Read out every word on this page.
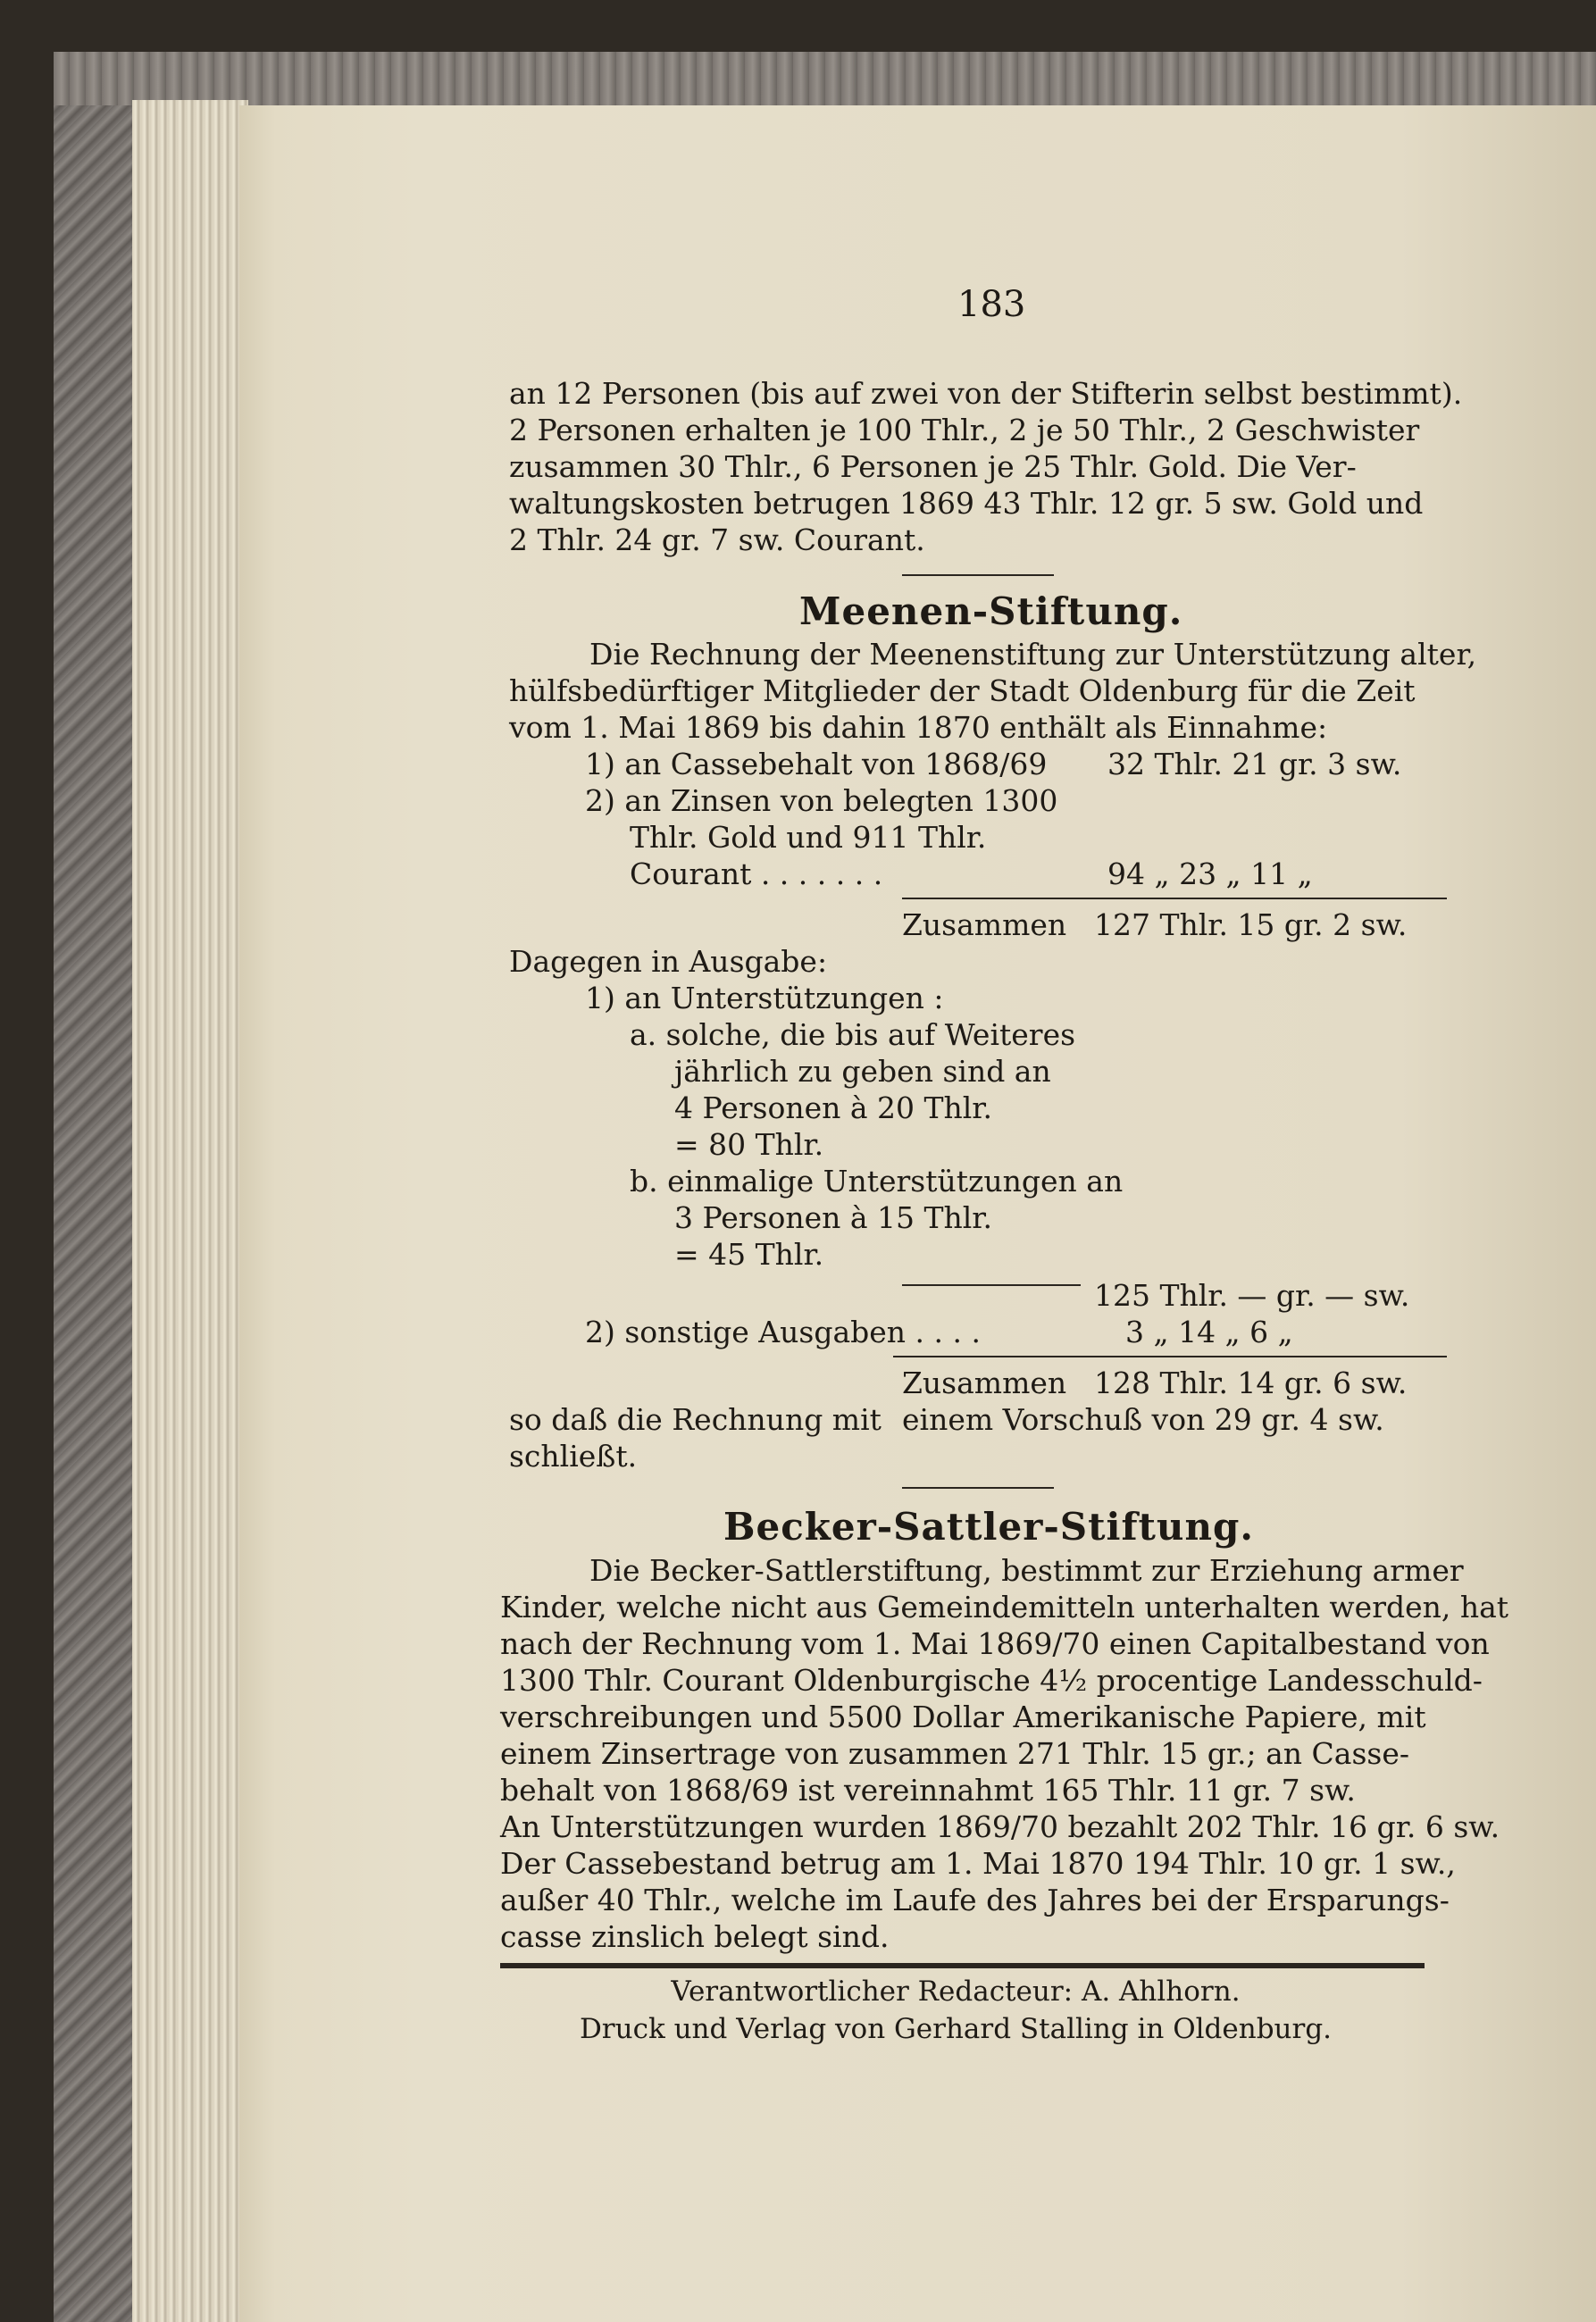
183
an 12 Personen (bis auf zwei von der Stifterin selbst bestimmt).
2 Personen erhalten je 100 Thlr., 2 je 50 Thlr., 2 Geschwister
zusammen 30 Thlr., 6 Personen je 25 Thlr. Gold. Die Ver-
waltungskosten betrugen 1869 43 Thlr. 12 gr. 5 sw. Gold und
2 Thlr. 24 gr. 7 sw. Courant.
Meenen-Stiftung.
Die Rechnung der Meenenstiftung zur Unterstützung alter,
hülfsbedürftiger Mitglieder der Stadt Oldenburg für die Zeit
vom 1. Mai 1869 bis dahin 1870 enthält als Einnahme:
1) an Cassebehalt von 1868/69 32 Thlr. 21 gr. 3 sw.
2) an Zinsen von belegten 1300
Thlr. Gold und 911 Thlr.
Courant . . . . . . .	94 „ 23 „ 11 „
Zusammen 127 Thlr. 15 gr. 2 sw.
Dagegen in Ausgabe:
1) an Unterstützungen :
a. solche, die bis auf Weiteres
jährlich zu geben sind an
4 Personen à 20 Thlr.
= 80 Thlr.
b. einmalige Unterstützungen an
3 Personen à 15 Thlr.
= 45 Thlr.
125 Thlr. — gr. — sw.
2) sonstige Ausgaben . . . .	3 „ 14 „ 6 „
Zusammen 128 Thlr. 14 gr. 6 sw.
so daß die Rechnung mit einem Vorschuß von 29 gr. 4 sw.
schließt.
Becker-Sattler-Stiftung.
Die Becker-Sattlerstiftung, bestimmt zur Erziehung armer
Kinder, welche nicht aus Gemeindemitteln unterhalten werden, hat
nach der Rechnung vom 1. Mai 1869/70 einen Capitalbestand von
1300 Thlr. Courant Oldenburgische 4½ procentige Landesschuld-
verschreibungen und 5500 Dollar Amerikanische Papiere, mit
einem Zinsertrage von zusammen 271 Thlr. 15 gr.; an Casse-
behalt von 1868/69 ist vereinnahmt 165 Thlr. 11 gr. 7 sw.
An Unterstützungen wurden 1869/70 bezahlt 202 Thlr. 16 gr. 6 sw.
Der Cassebestand betrug am 1. Mai 1870 194 Thlr. 10 gr. 1 sw.,
außer 40 Thlr., welche im Laufe des Jahres bei der Ersparungs-
casse zinslich belegt sind.
Verantwortlicher Redacteur: A. Ahlhorn.
Druck und Verlag von Gerhard Stalling in Oldenburg.
